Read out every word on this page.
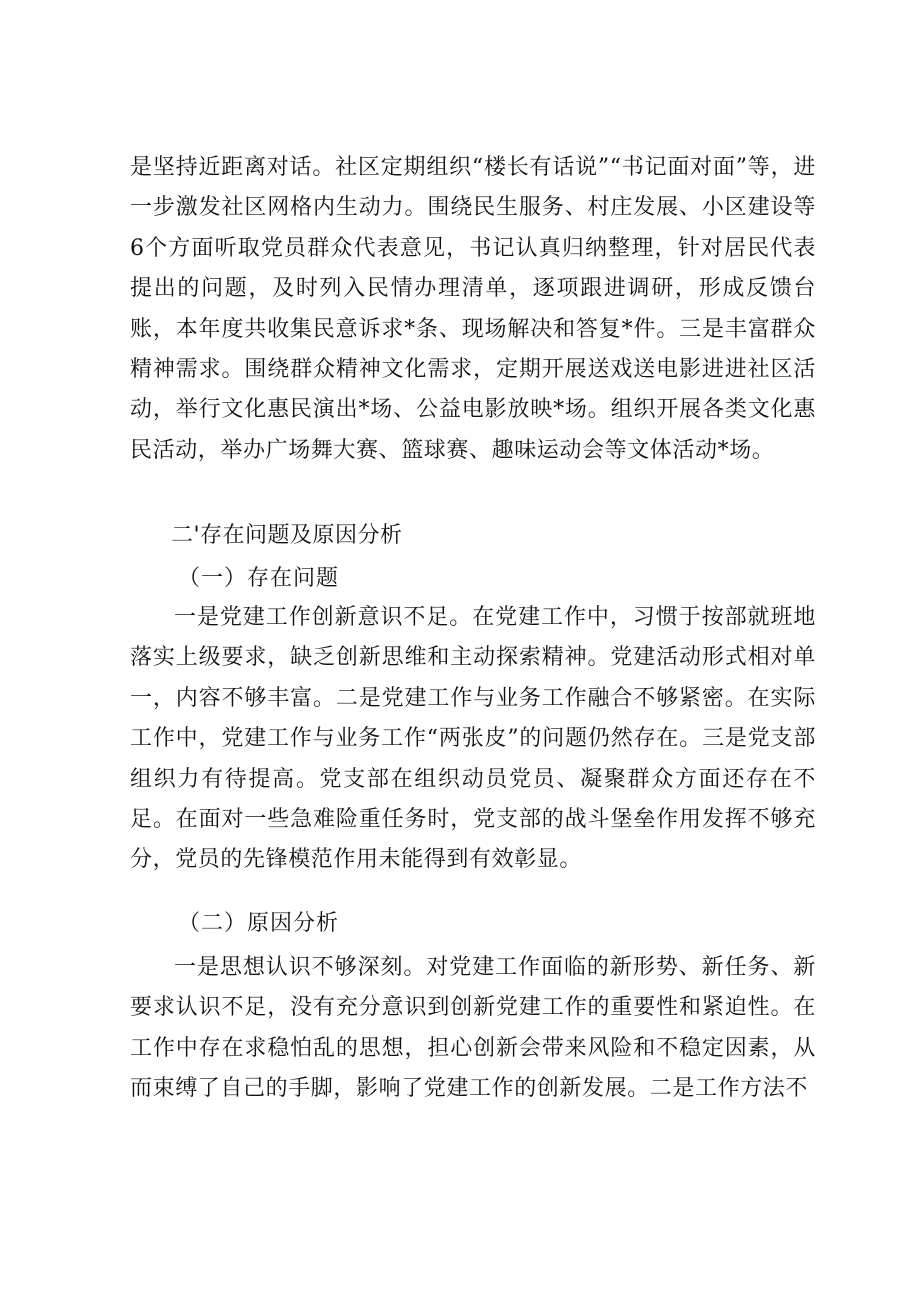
是坚持近距离对话。社区定期组织“楼长有话说”“书记面对面”等，进一步激发社区网格内生动力。围绕民生服务、村庄发展、小区建设等6个方面听取党员群众代表意见，书记认真归纳整理，针对居民代表提出的问题，及时列入民情办理清单，逐项跟进调研，形成反馈台账，本年度共收集民意诉求*条、现场解决和答复*件。三是丰富群众精神需求。围绕群众精神文化需求，定期开展送戏送电影进进社区活动，举行文化惠民演出*场、公益电影放映*场。组织开展各类文化惠民活动，举办广场舞大赛、篮球赛、趣味运动会等文体活动*场。

二'存在问题及原因分析
（一）存在问题

一是党建工作创新意识不足。在党建工作中，习惯于按部就班地落实上级要求，缺乏创新思维和主动探索精神。党建活动形式相对单一，内容不够丰富。二是党建工作与业务工作融合不够紧密。在实际工作中，党建工作与业务工作“两张皮”的问题仍然存在。三是党支部组织力有待提高。党支部在组织动员党员、凝聚群众方面还存在不足。在面对一些急难险重任务时，党支部的战斗堡垒作用发挥不够充分，党员的先锋模范作用未能得到有效彰显。

（二）原因分析

一是思想认识不够深刻。对党建工作面临的新形势、新任务、新要求认识不足，没有充分意识到创新党建工作的重要性和紧迫性。在工作中存在求稳怕乱的思想，担心创新会带来风险和不稳定因素，从而束缚了自己的手脚，影响了党建工作的创新发展。二是工作方法不
